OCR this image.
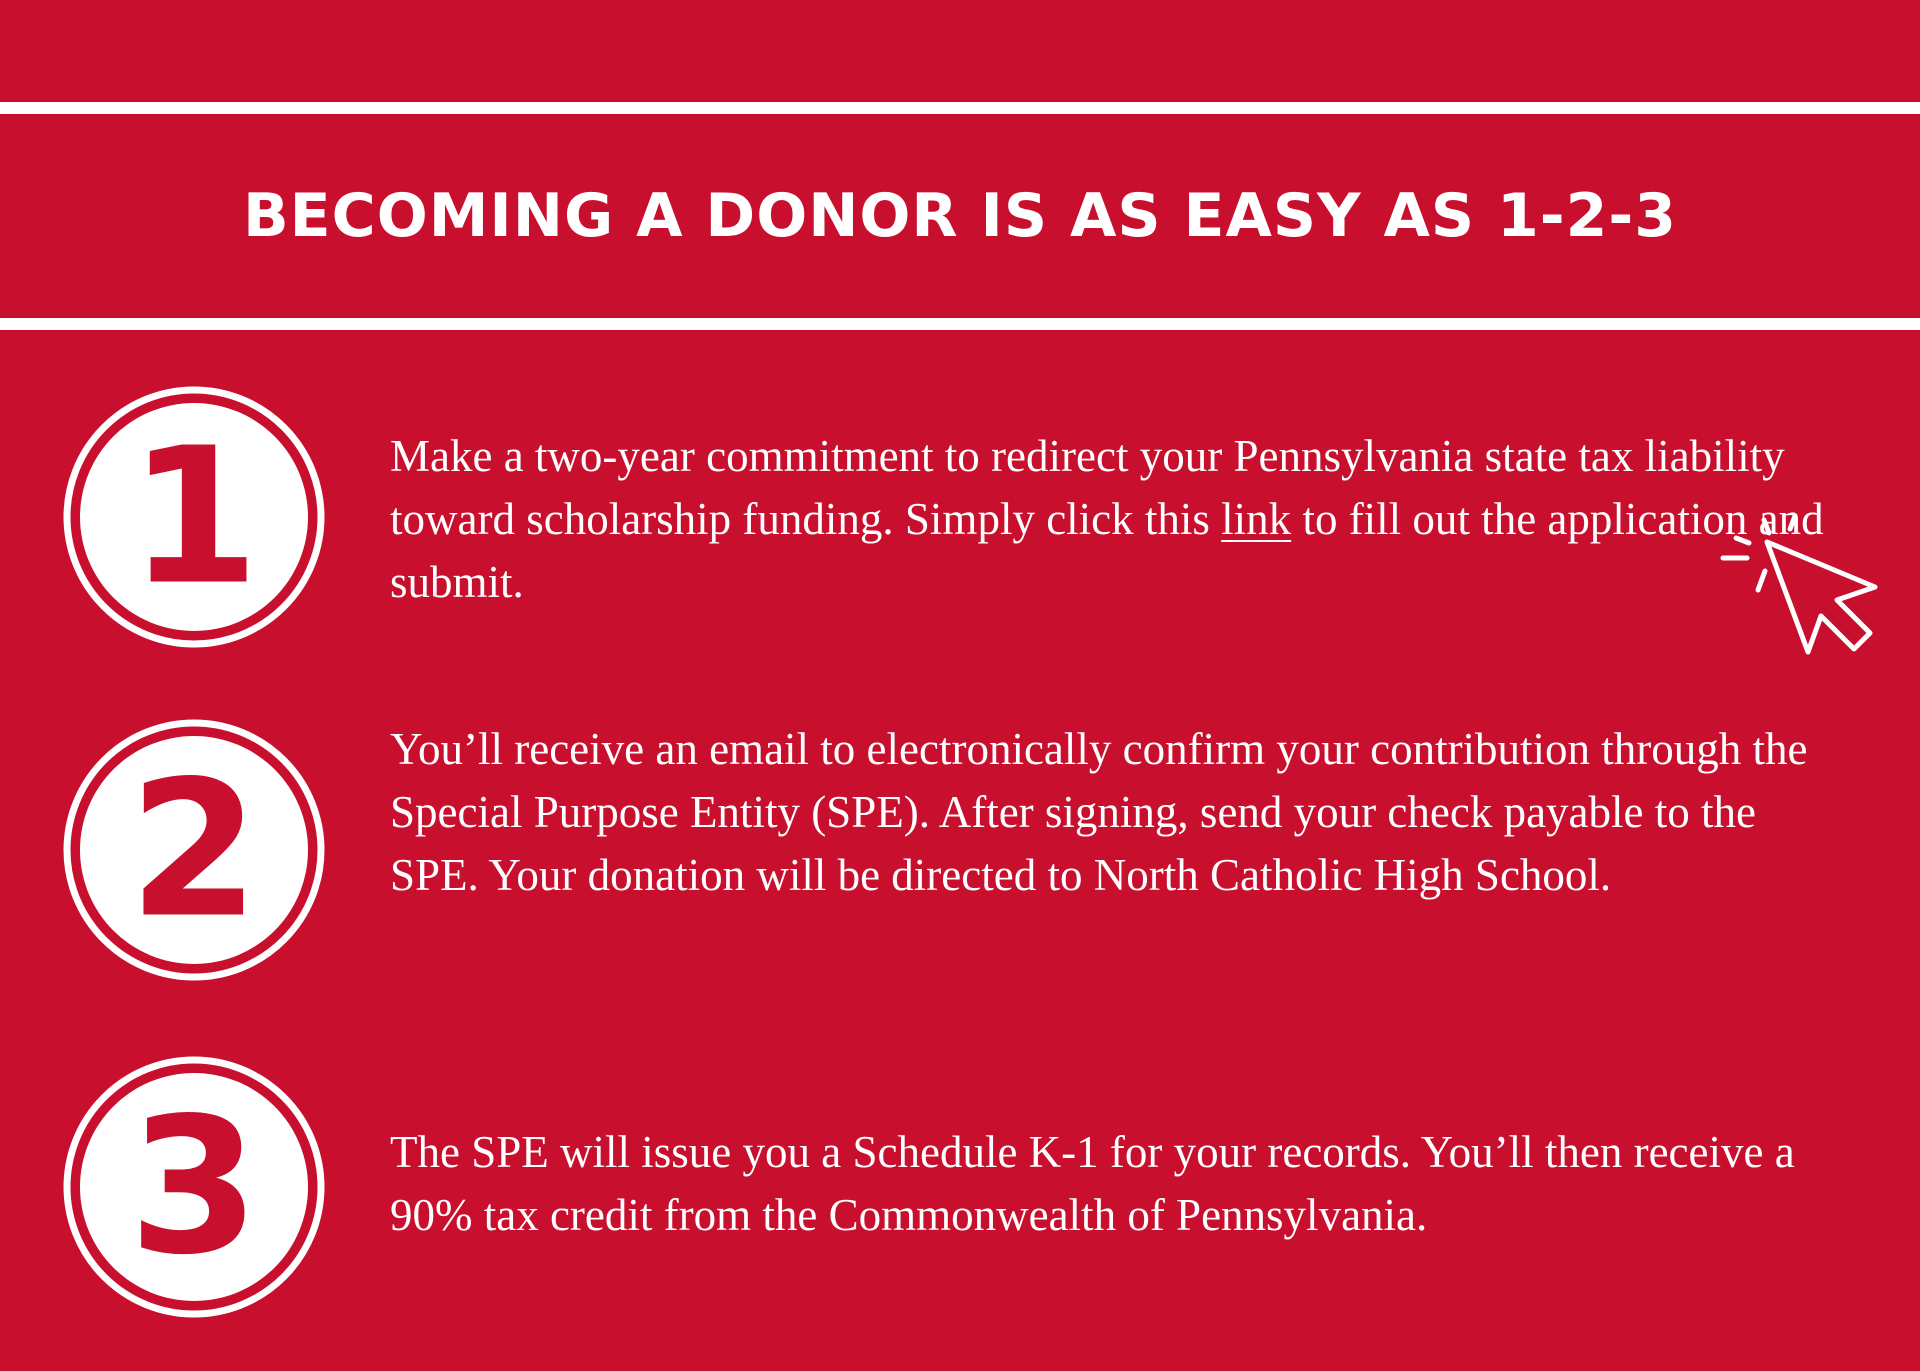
BECOMING A DONOR IS AS EASY AS 1-2-3
1	Make a two-year commitment to redirect your Pennsylvania state tax liability toward scholarship funding. Simply click this link to fill out the application and submit.

2	You’ll receive an email to electronically confirm your contribution through the Special Purpose Entity (SPE). After signing, send your check payable to the SPE. Your donation will be directed to North Catholic High School.

3	The SPE will issue you a Schedule K-1 for your records. You’ll then receive a 90% tax credit from the Commonwealth of Pennsylvania.
